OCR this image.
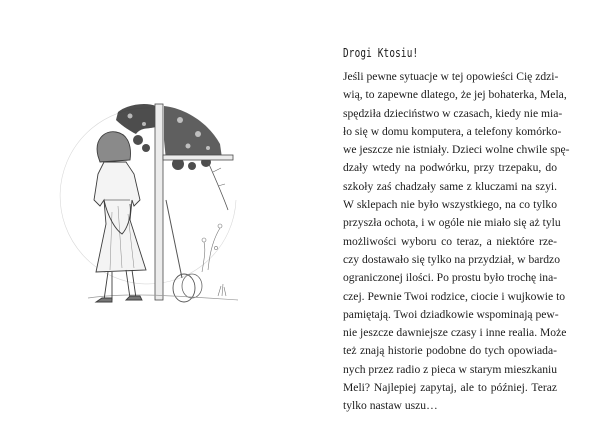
Drogi Ktosiu!
Jeśli pewne sytuacje w tej opowieści Cię zdzi-
wią, to zapewne dlatego, że jej bohaterka, Mela,
spędziła dzieciństwo w czasach, kiedy nie mia-
ło się w domu komputera, a telefony komórko-
we jeszcze nie istniały. Dzieci wolne chwile spę-
dzały wtedy na podwórku, przy trzepaku, do
szkoły zaś chadzały same z kluczami na szyi.
W sklepach nie było wszystkiego, na co tylko
przyszła ochota, i w ogóle nie miało się aż tylu
możliwości wyboru co teraz, a niektóre rze-
czy dostawało się tylko na przydział, w bardzo
ograniczonej ilości. Po prostu było trochę ina-
czej. Pewnie Twoi rodzice, ciocie i wujkowie to
pamiętają. Twoi dziadkowie wspominają pew-
nie jeszcze dawniejsze czasy i inne realia. Może
też znają historie podobne do tych opowiada-
nych przez radio z pieca w starym mieszkaniu
Meli? Najlepiej zapytaj, ale to później. Teraz
tylko nastaw uszu…
